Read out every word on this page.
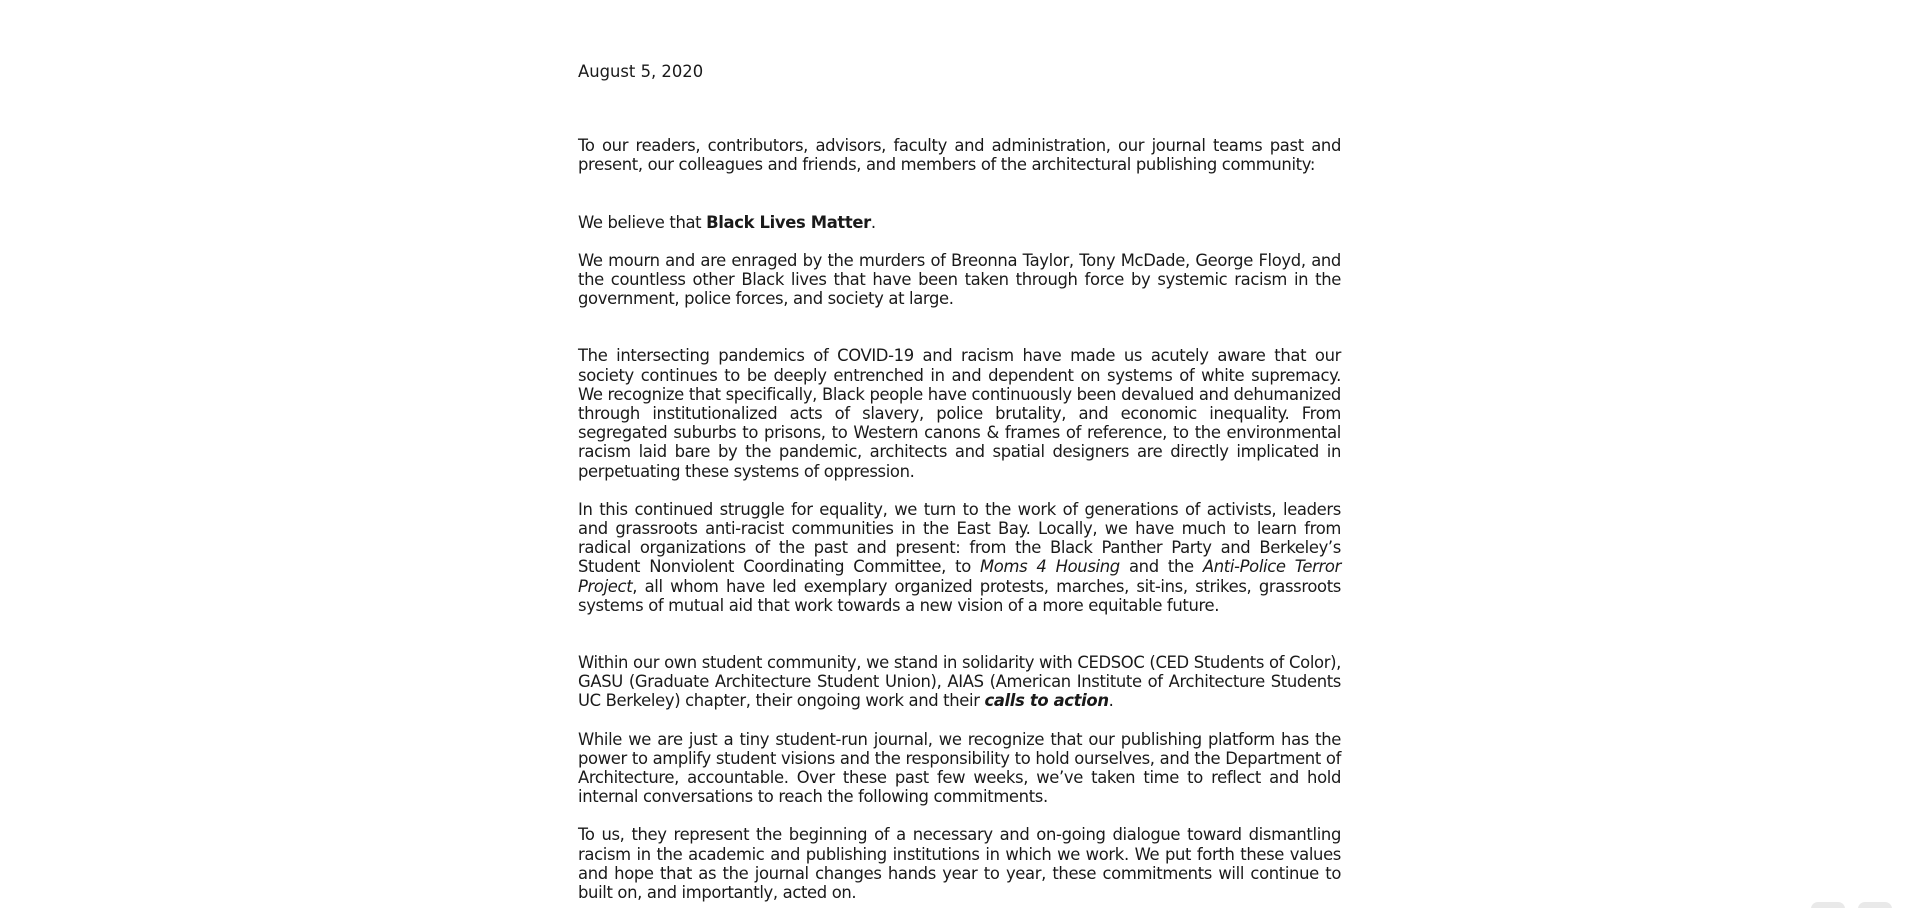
August 5, 2020

To our readers, contributors, advisors, faculty and administration, our journal teams past and present, our colleagues and friends, and members of the architectural publishing community:

We believe that Black Lives Matter.

We mourn and are enraged by the murders of Breonna Taylor, Tony McDade, George Floyd, and the countless other Black lives that have been taken through force by systemic racism in the government, police forces, and society at large.

The intersecting pandemics of COVID-19 and racism have made us acutely aware that our society continues to be deeply entrenched in and dependent on systems of white supremacy. We recognize that specifically, Black people have continuously been devalued and dehumanized through institutionalized acts of slavery, police brutality, and economic inequality. From segregated suburbs to prisons, to Western canons & frames of reference, to the environmental racism laid bare by the pandemic, architects and spatial designers are directly implicated in perpetuating these systems of oppression.

In this continued struggle for equality, we turn to the work of generations of activists, leaders and grassroots anti-racist communities in the East Bay. Locally, we have much to learn from radical organizations of the past and present: from the Black Panther Party and Berkeley’s Student Nonviolent Coordinating Committee, to Moms 4 Housing and the Anti-Police Terror Project, all whom have led exemplary organized protests, marches, sit-ins, strikes, grassroots systems of mutual aid that work towards a new vision of a more equitable future.

Within our own student community, we stand in solidarity with CEDSOC (CED Students of Color), GASU (Graduate Architecture Student Union), AIAS (American Institute of Architecture Students UC Berkeley) chapter, their ongoing work and their calls to action.

While we are just a tiny student-run journal, we recognize that our publishing platform has the power to amplify student visions and the responsibility to hold ourselves, and the Department of Architecture, accountable. Over these past few weeks, we’ve taken time to reflect and hold internal conversations to reach the following commitments.

To us, they represent the beginning of a necessary and on-going dialogue toward dismantling racism in the academic and publishing institutions in which we work. We put forth these values and hope that as the journal changes hands year to year, these commitments will continue to built on, and importantly, acted on.
